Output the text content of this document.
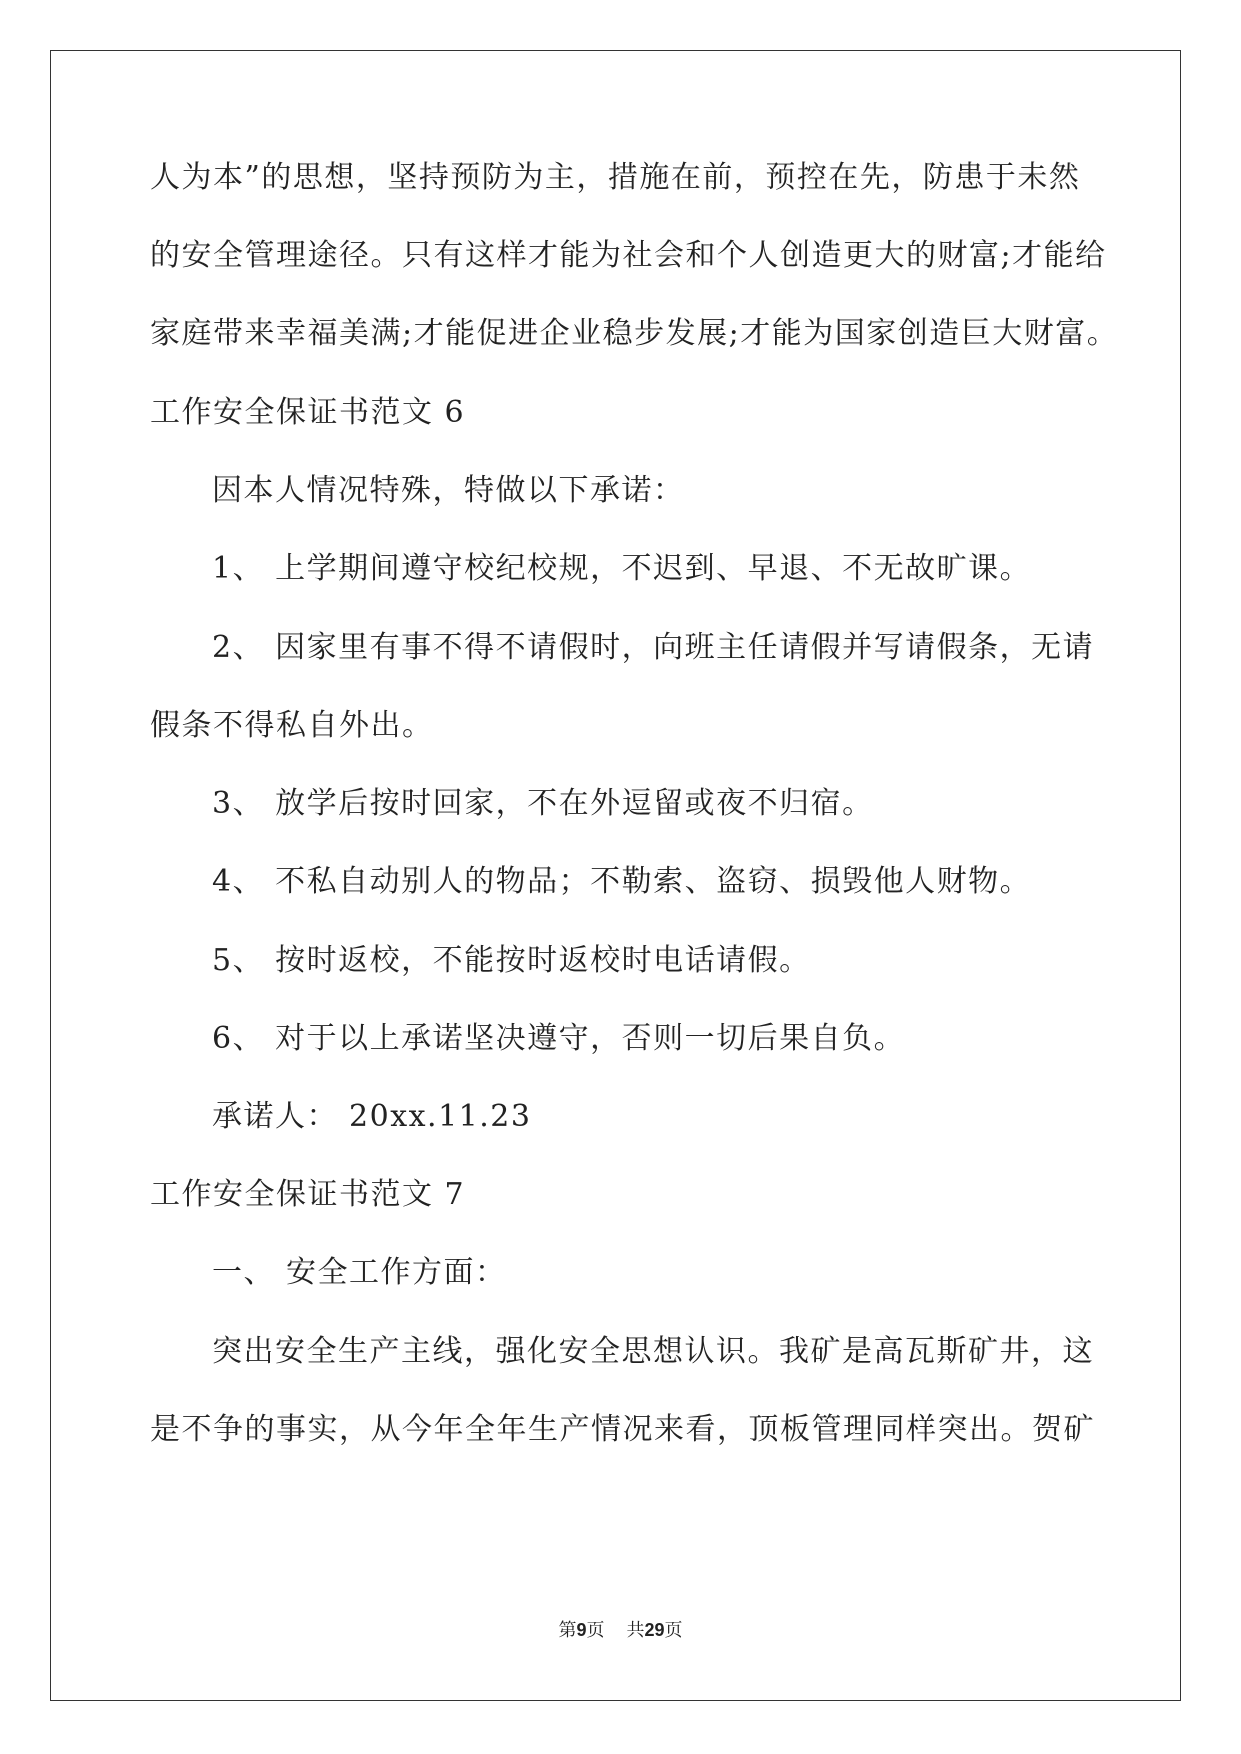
人为本”的思想，坚持预防为主，措施在前，预控在先，防患于未然
的安全管理途径。只有这样才能为社会和个人创造更大的财富;才能给
家庭带来幸福美满;才能促进企业稳步发展;才能为国家创造巨大财富。
工作安全保证书范文 6
因本人情况特殊，特做以下承诺：
1、 上学期间遵守校纪校规，不迟到、早退、不无故旷课。
2、 因家里有事不得不请假时，向班主任请假并写请假条，无请
假条不得私自外出。
3、 放学后按时回家，不在外逗留或夜不归宿。
4、 不私自动别人的物品；不勒索、盗窃、损毁他人财物。
5、 按时返校，不能按时返校时电话请假。
6、 对于以上承诺坚决遵守，否则一切后果自负。
承诺人： 20xx.11.23
工作安全保证书范文 7
一、 安全工作方面：
突出安全生产主线，强化安全思想认识。我矿是高瓦斯矿井，这
是不争的事实，从今年全年生产情况来看，顶板管理同样突出。贺矿
第9页 共29页
